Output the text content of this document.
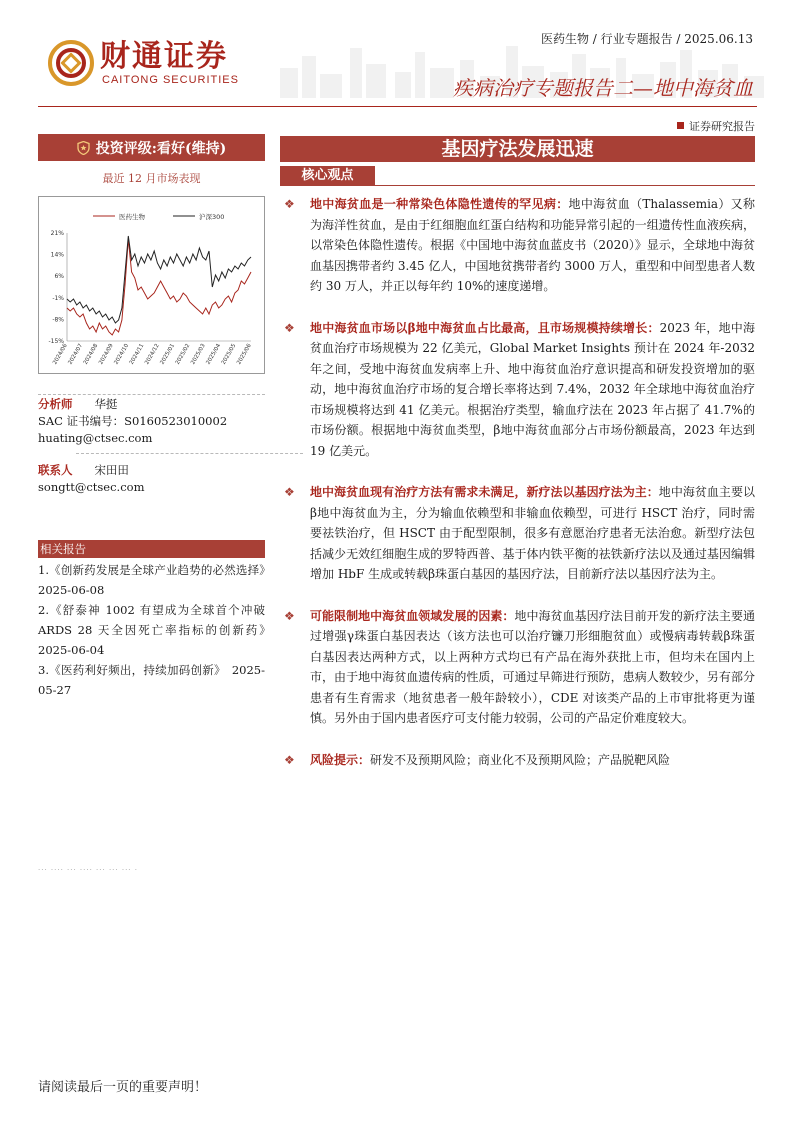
财通证券
CAITONG SECURITIES
医药生物 / 行业专题报告 / 2025.06.13
疾病治疗专题报告二—地中海贫血
证券研究报告
投资评级:看好(维持)
最近 12 月市场表现
医药生物	沪深300
21%
14%
6%
-1%
-8%
-15%
2024/06
2024/07
2024/08
2024/09
2024/10
2024/11
2024/12
2025/01
2025/02
2025/03
2025/04
2025/05
2025/06
分析师 华挺
SAC 证书编号：S0160523010002
huating@ctsec.com
联系人 宋田田
songtt@ctsec.com
相关报告

1.《创新药发展是全球产业趋势的必然选择》　2025-06-08

2.《舒泰神 1002 有望成为全球首个冲破 ARDS 28 天全因死亡率指标的创新药》　2025-06-04

3.《医药利好频出，持续加码创新》　2025-05-27

··· ···· ··· ···· ··· ··· ··· ·
基因疗法发展迅速
核心观点
❖ 地中海贫血是一种常染色体隐性遗传的罕见病：地中海贫血（Thalassemia）又称为海洋性贫血，是由于红细胞血红蛋白结构和功能异常引起的一组遗传性血液疾病，以常染色体隐性遗传。根据《中国地中海贫血蓝皮书（2020）》显示，全球地中海贫血基因携带者约 3.45 亿人，中国地贫携带者约 3000 万人，重型和中间型患者人数约 30 万人，并正以每年约 10%的速度递增。
❖ 地中海贫血市场以β地中海贫血占比最高，且市场规模持续增长：2023 年，地中海贫血治疗市场规模为 22 亿美元，Global Market Insights 预计在 2024 年-2032 年之间，受地中海贫血发病率上升、地中海贫血治疗意识提高和研发投资增加的驱动，地中海贫血治疗市场的复合增长率将达到 7.4%，2032 年全球地中海贫血治疗市场规模将达到 41 亿美元。根据治疗类型，输血疗法在 2023 年占据了 41.7%的市场份额。根据地中海贫血类型，β地中海贫血部分占市场份额最高，2023 年达到 19 亿美元。
❖ 地中海贫血现有治疗方法有需求未满足，新疗法以基因疗法为主：地中海贫血主要以β地中海贫血为主，分为输血依赖型和非输血依赖型，可进行 HSCT 治疗，同时需要祛铁治疗，但 HSCT 由于配型限制，很多有意愿治疗患者无法治愈。新型疗法包括减少无效红细胞生成的罗特西普、基于体内铁平衡的祛铁新疗法以及通过基因编辑增加 HbF 生成或转载β珠蛋白基因的基因疗法，目前新疗法以基因疗法为主。
❖ 可能限制地中海贫血领域发展的因素：地中海贫血基因疗法目前开发的新疗法主要通过增强γ珠蛋白基因表达（该方法也可以治疗镰刀形细胞贫血）或慢病毒转载β珠蛋白基因表达两种方式，以上两种方式均已有产品在海外获批上市，但均未在国内上市，由于地中海贫血遗传病的性质，可通过早筛进行预防，患病人数较少，另有部分患者有生育需求（地贫患者一般年龄较小），CDE 对该类产品的上市审批将更为谨慎。另外由于国内患者医疗可支付能力较弱，公司的产品定价难度较大。
❖ 风险提示：研发不及预期风险；商业化不及预期风险；产品脱靶风险
请阅读最后一页的重要声明！
